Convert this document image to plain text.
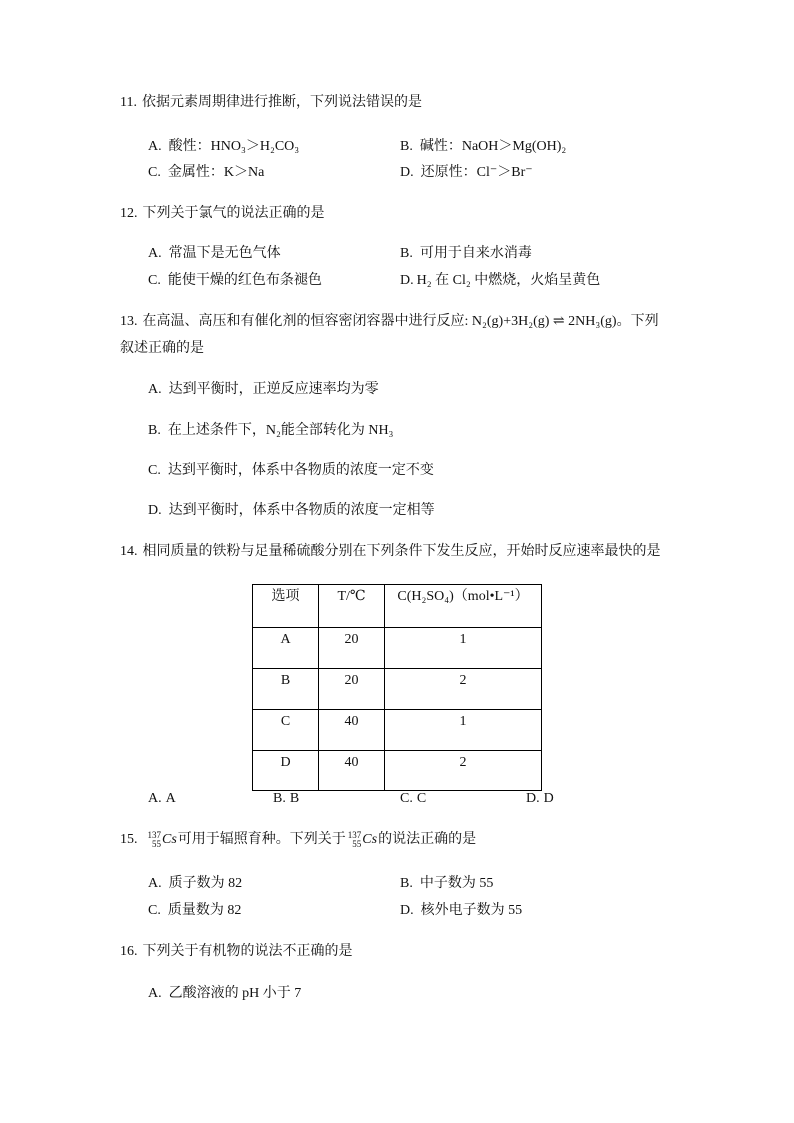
11. 依据元素周期律进行推断，下列说法错误的是
A. 酸性：HNO₃＞H₂CO₃	B. 碱性：NaOH＞Mg(OH)₂
C. 金属性：K＞Na	D. 还原性：Cl⁻＞Br⁻
12. 下列关于氯气的说法正确的是
A. 常温下是无色气体	B. 可用于自来水消毒
C. 能使干燥的红色布条褪色	D. H₂ 在 Cl₂ 中燃烧，火焰呈黄色
13. 在高温、高压和有催化剂的恒容密闭容器中进行反应: N₂(g)+3H₂(g) ⇌ 2NH₃(g)。下列
叙述正确的是
A. 达到平衡时，正逆反应速率均为零
B. 在上述条件下，N₂能全部转化为 NH₃
C. 达到平衡时，体系中各物质的浓度一定不变
D. 达到平衡时，体系中各物质的浓度一定相等
14. 相同质量的铁粉与足量稀硫酸分别在下列条件下发生反应，开始时反应速率最快的是
选项	T/℃	C(H₂SO₄)（mol•L⁻¹）
A	20	1
B	20	2
C	40	1
D	40	2
A. A	B. B	C. C	D. D
15. 137
55 Cs 可用于辐照育种。下列关于 137
55 Cs 的说法正确的是
A. 质子数为 82	B. 中子数为 55
C. 质量数为 82	D. 核外电子数为 55
16. 下列关于有机物的说法不正确的是
A. 乙酸溶液的 pH 小于 7
